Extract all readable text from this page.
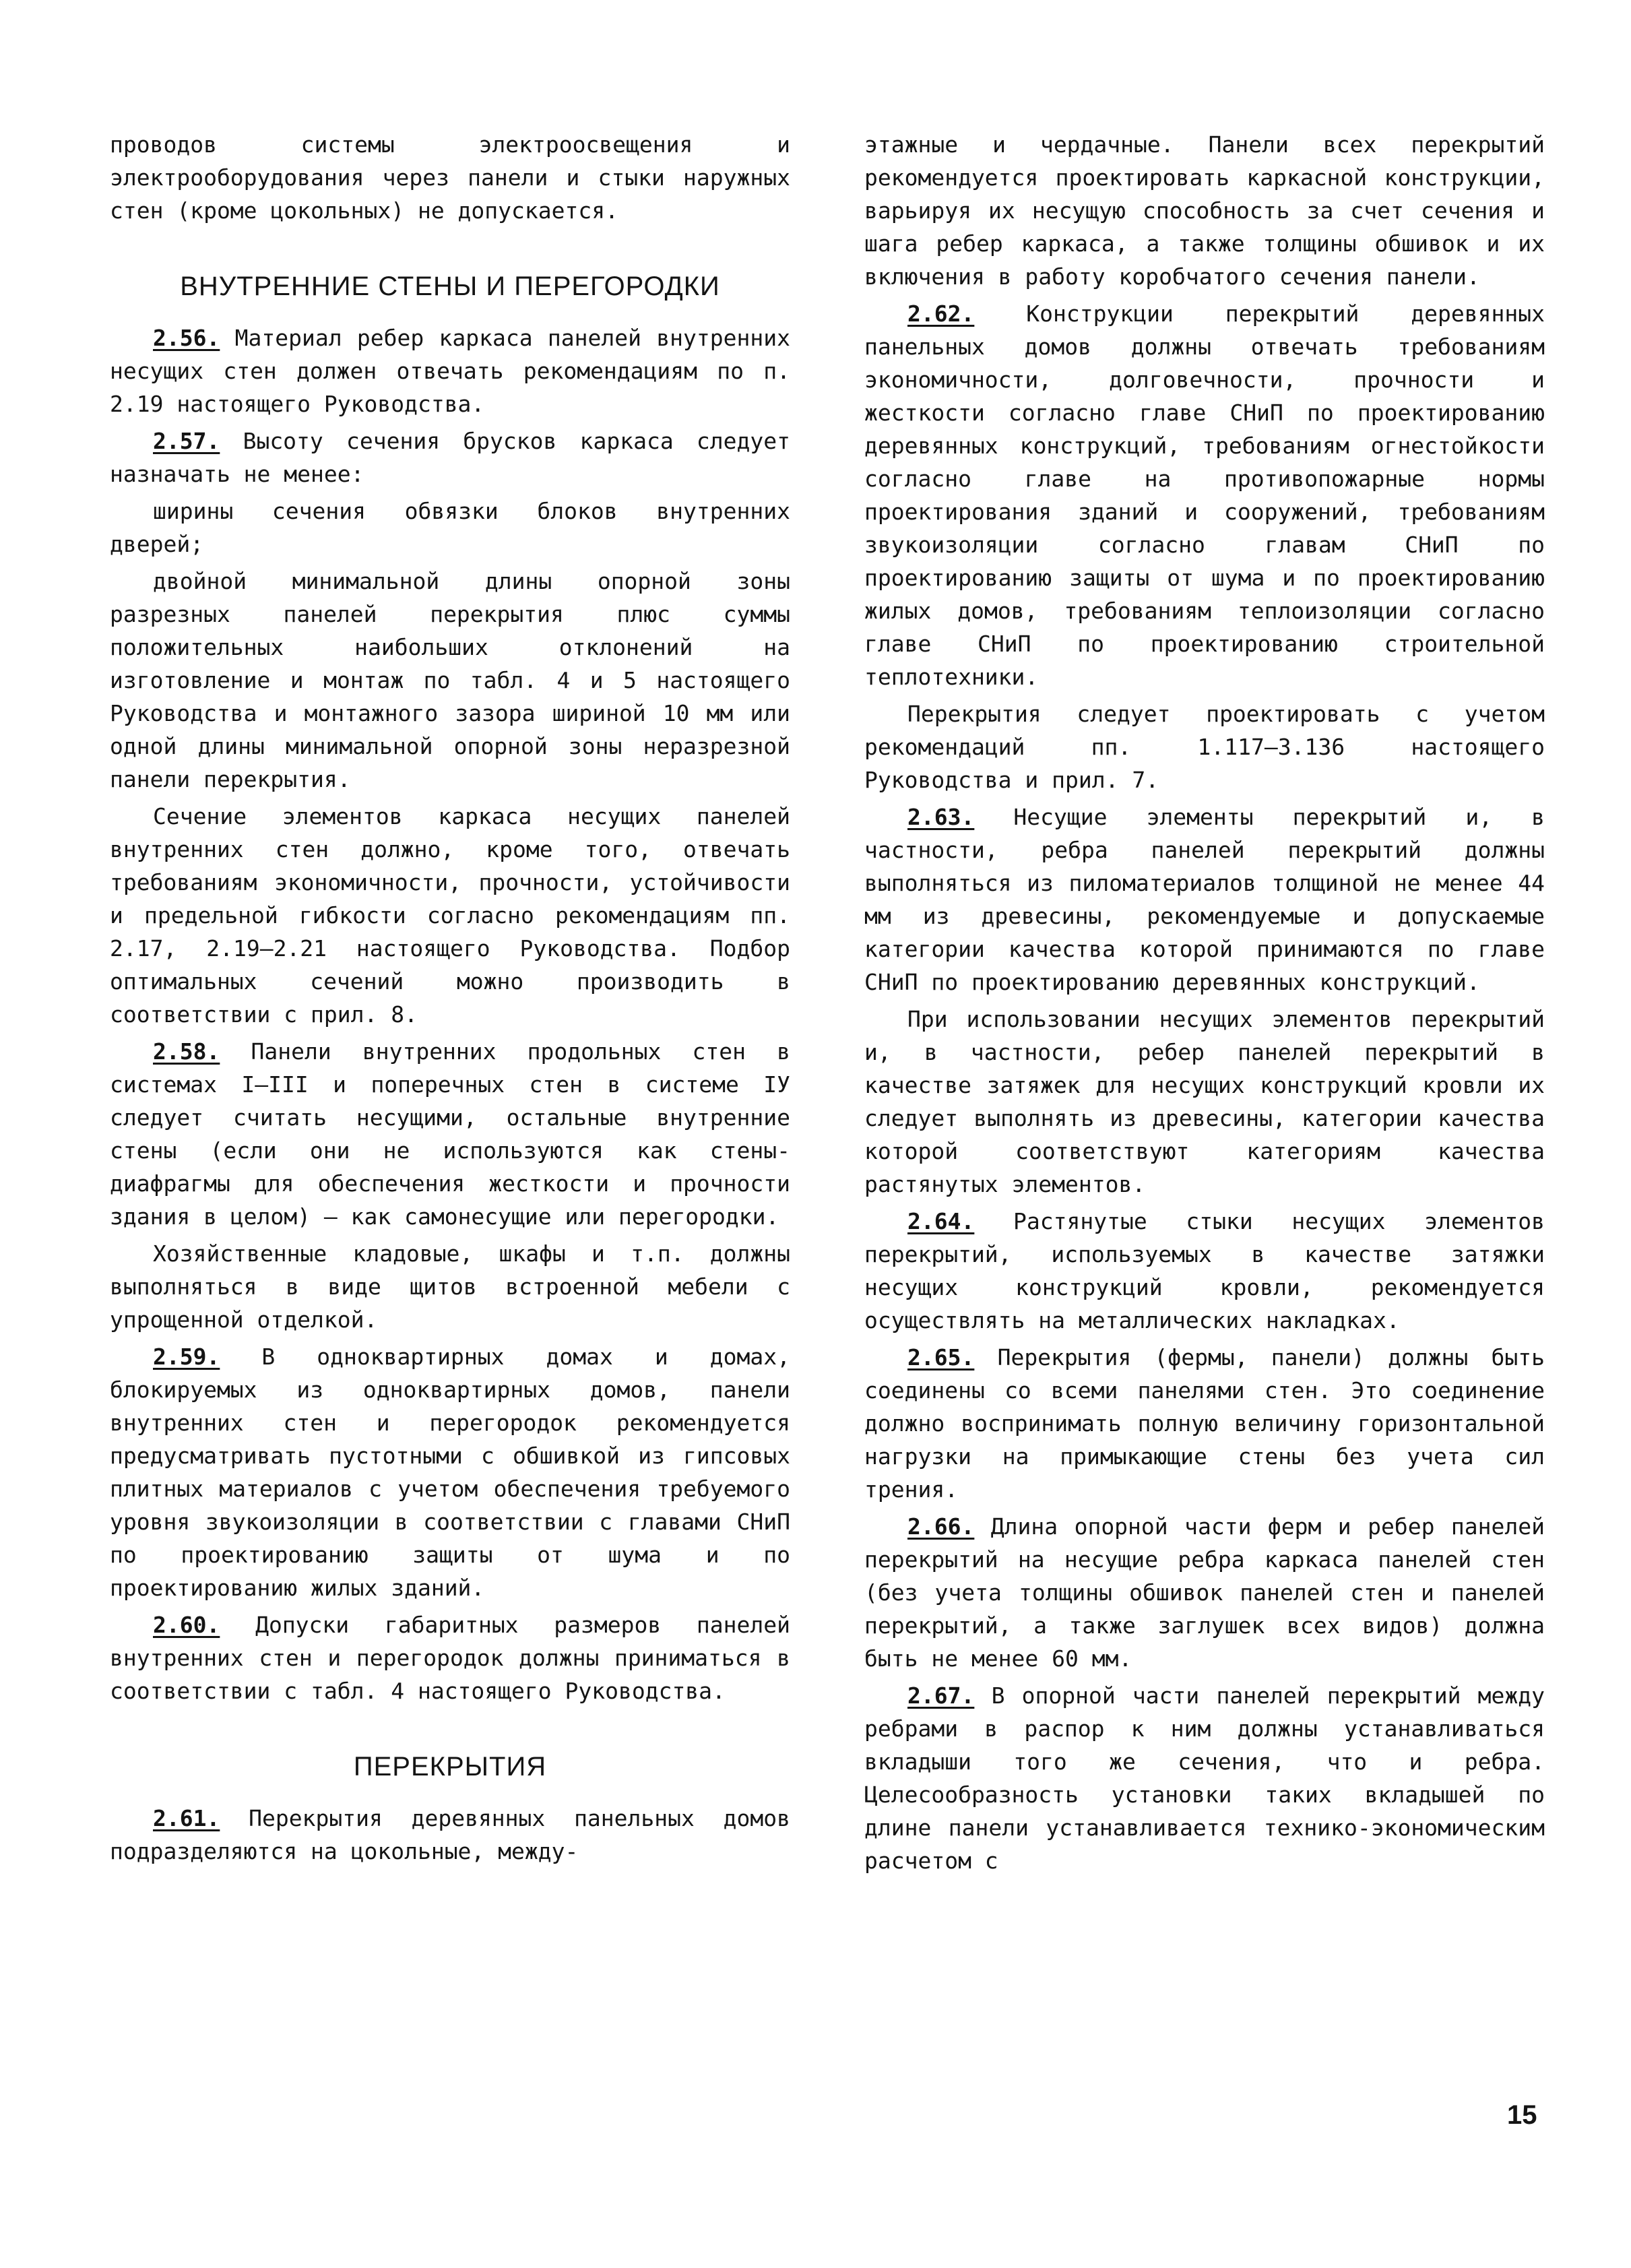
проводов системы электроосвещения и электрооборудования через панели и стыки наружных стен (кроме цокольных) не допускается.

ВНУТРЕННИЕ СТЕНЫ И ПЕРЕГОРОДКИ

2.56. Материал ребер каркаса панелей внутренних несущих стен должен отвечать рекомендациям по п. 2.19 настоящего Руководства.

2.57. Высоту сечения брусков каркаса следует назначать не менее:

ширины сечения обвязки блоков внутренних дверей;

двойной минимальной длины опорной зоны разрезных панелей перекрытия плюс суммы положительных наибольших отклонений на изготовление и монтаж по табл. 4 и 5 настоящего Руководства и монтажного зазора шириной 10 мм или одной длины минимальной опорной зоны неразрезной панели перекрытия.

Сечение элементов каркаса несущих панелей внутренних стен должно, кроме того, отвечать требованиям экономичности, прочности, устойчивости и предельной гибкости согласно рекомендациям пп. 2.17, 2.19–2.21 настоящего Руководства. Подбор оптимальных сечений можно производить в соответствии с прил. 8.

2.58. Панели внутренних продольных стен в системах I–III и поперечных стен в системе IУ следует считать несущими, остальные внутренние стены (если они не используются как стены-диафрагмы для обеспечения жесткости и прочности здания в целом) – как самонесущие или перегородки.

Хозяйственные кладовые, шкафы и т.п. должны выполняться в виде щитов встроенной мебели с упрощенной отделкой.

2.59. В одноквартирных домах и домах, блокируемых из одноквартирных домов, панели внутренних стен и перегородок рекомендуется предусматривать пустотными с обшивкой из гипсовых плитных материалов с учетом обеспечения требуемого уровня звукоизоляции в соответствии с главами СНиП по проектированию защиты от шума и по проектированию жилых зданий.

2.60. Допуски габаритных размеров панелей внутренних стен и перегородок должны приниматься в соответствии с табл. 4 настоящего Руководства.

ПЕРЕКРЫТИЯ

2.61. Перекрытия деревянных панельных домов подразделяются на цокольные, между-

этажные и чердачные. Панели всех перекрытий рекомендуется проектировать каркасной конструкции, варьируя их несущую способность за счет сечения и шага ребер каркаса, а также толщины обшивок и их включения в работу коробчатого сечения панели.

2.62. Конструкции перекрытий деревянных панельных домов должны отвечать требованиям экономичности, долговечности, прочности и жесткости согласно главе СНиП по проектированию деревянных конструкций, требованиям огнестойкости согласно главе на противопожарные нормы проектирования зданий и сооружений, требованиям звукоизоляции согласно главам СНиП по проектированию защиты от шума и по проектированию жилых домов, требованиям теплоизоляции согласно главе СНиП по проектированию строительной теплотехники.

Перекрытия следует проектировать с учетом рекомендаций пп. 1.117–3.136 настоящего Руководства и прил. 7.

2.63. Несущие элементы перекрытий и, в частности, ребра панелей перекрытий должны выполняться из пиломатериалов толщиной не менее 44 мм из древесины, рекомендуемые и допускаемые категории качества которой принимаются по главе СНиП по проектированию деревянных конструкций.

При использовании несущих элементов перекрытий и, в частности, ребер панелей перекрытий в качестве затяжек для несущих конструкций кровли их следует выполнять из древесины, категории качества которой соответствуют категориям качества растянутых элементов.

2.64. Растянутые стыки несущих элементов перекрытий, используемых в качестве затяжки несущих конструкций кровли, рекомендуется осуществлять на металлических накладках.

2.65. Перекрытия (фермы, панели) должны быть соединены со всеми панелями стен. Это соединение должно воспринимать полную величину горизонтальной нагрузки на примыкающие стены без учета сил трения.

2.66. Длина опорной части ферм и ребер панелей перекрытий на несущие ребра каркаса панелей стен (без учета толщины обшивок панелей стен и панелей перекрытий, а также заглушек всех видов) должна быть не менее 60 мм.

2.67. В опорной части панелей перекрытий между ребрами в распор к ним должны устанавливаться вкладыши того же сечения, что и ребра. Целесообразность установки таких вкладышей по длине панели устанавливается технико-экономическим расчетом с

15
